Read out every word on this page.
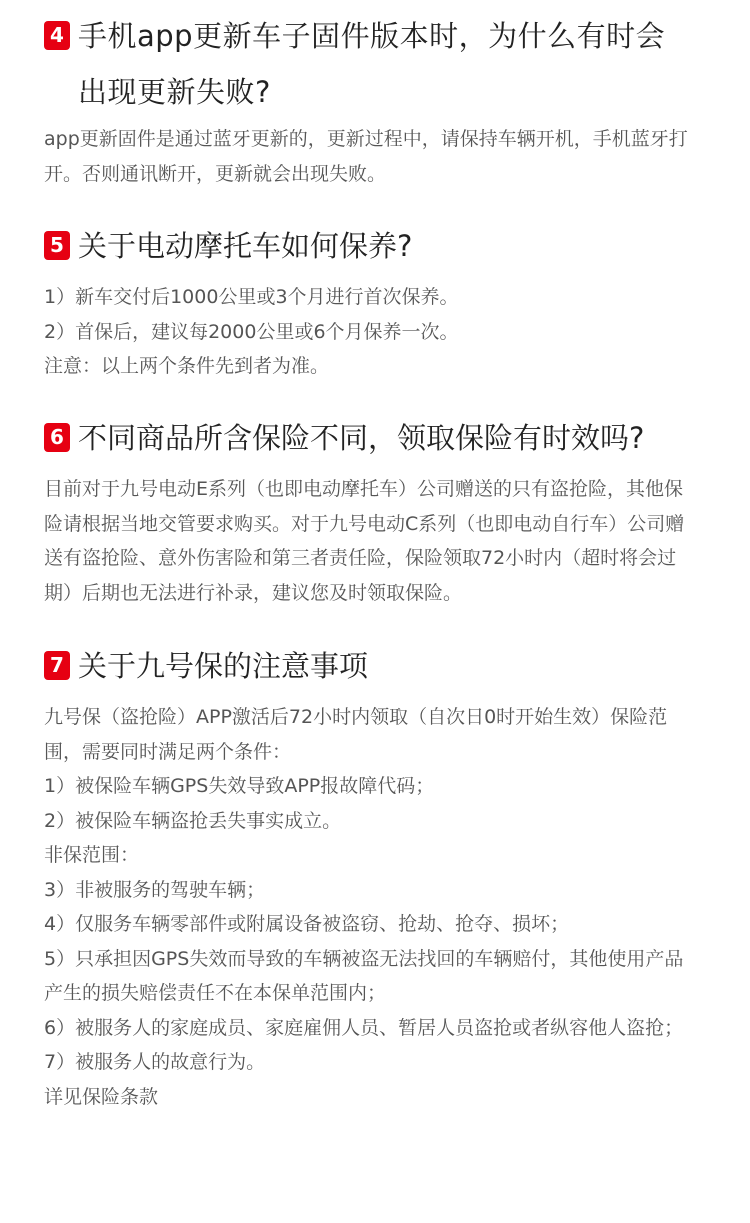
4 手机app更新车子固件版本时，为什么有时会出现更新失败?

app更新固件是通过蓝牙更新的，更新过程中，请保持车辆开机，手机蓝牙打开。否则通讯断开，更新就会出现失败。

5 关于电动摩托车如何保养?

1）新车交付后1000公里或3个月进行首次保养。

2）首保后，建议每2000公里或6个月保养一次。

注意：以上两个条件先到者为准。

6 不同商品所含保险不同，领取保险有时效吗?

目前对于九号电动E系列（也即电动摩托车）公司赠送的只有盗抢险，其他保险请根据当地交管要求购买。对于九号电动C系列（也即电动自行车）公司赠送有盗抢险、意外伤害险和第三者责任险，保险领取72小时内（超时将会过期）后期也无法进行补录，建议您及时领取保险。

7 关于九号保的注意事项

九号保（盗抢险）APP激活后72小时内领取（自次日0时开始生效）保险范围，需要同时满足两个条件：

1）被保险车辆GPS失效导致APP报故障代码；

2）被保险车辆盗抢丢失事实成立。

非保范围：

3）非被服务的驾驶车辆；

4）仅服务车辆零部件或附属设备被盗窃、抢劫、抢夺、损坏；

5）只承担因GPS失效而导致的车辆被盗无法找回的车辆赔付，其他使用产品产生的损失赔偿责任不在本保单范围内；

6）被服务人的家庭成员、家庭雇佣人员、暂居人员盗抢或者纵容他人盗抢；

7）被服务人的故意行为。

详见保险条款
